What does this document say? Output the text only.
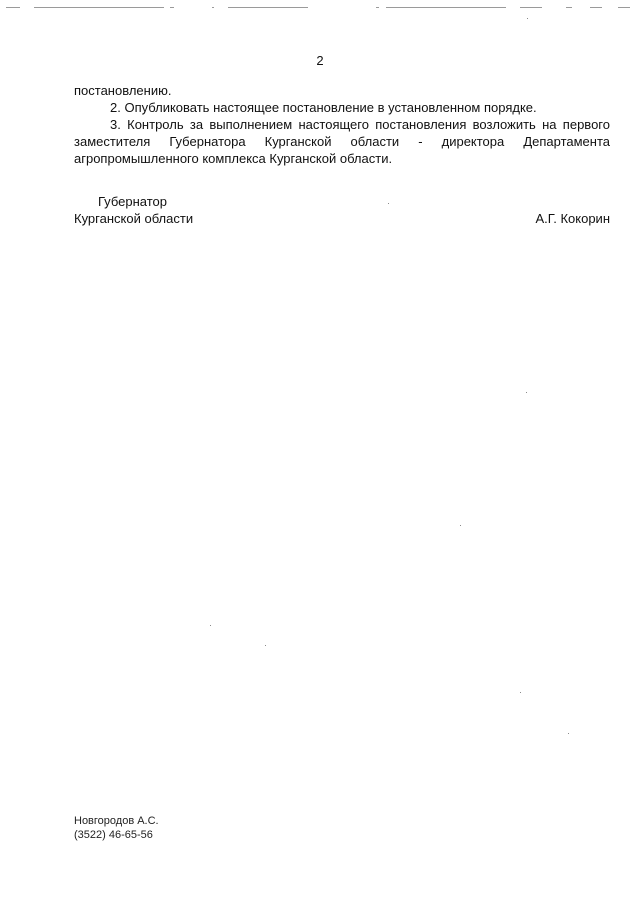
2

постановлению.

2. Опубликовать настоящее постановление в установленном порядке.

3. Контроль за выполнением настоящего постановления возложить на первого заместителя Губернатора Курганской области - директора Департамента агропромышленного комплекса Курганской области.

Губернатор
Курганской области	А.Г. Кокорин
Новгородов А.С.
(3522) 46-65-56
